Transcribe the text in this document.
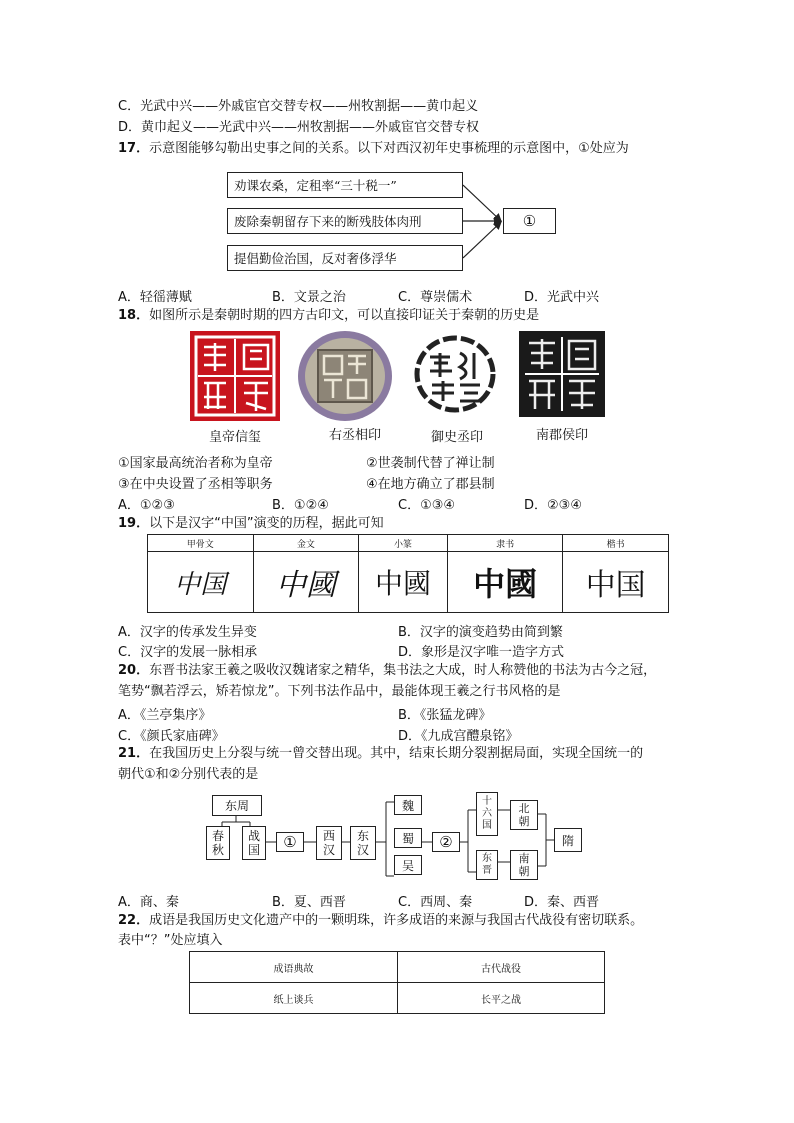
C．光武中兴——外戚宦官交替专权——州牧割据——黄巾起义
D．黄巾起义——光武中兴——州牧割据——外戚宦官交替专权
17．示意图能够勾勒出史事之间的关系。以下对西汉初年史事梳理的示意图中，①处应为
劝课农桑，定租率“三十税一”
废除秦朝留存下来的断残肢体肉刑
提倡勤俭治国，反对奢侈浮华
①
A．轻徭薄赋	B．文景之治	C．尊崇儒术	D．光武中兴
18．如图所示是秦朝时期的四方古印文，可以直接印证关于秦朝的历史是
皇帝信玺	右丞相印	御史丞印	南郡侯印
①国家最高统治者称为皇帝	②世袭制代替了禅让制
③在中央设置了丞相等职务	④在地方确立了郡县制
A．①②③	B．①②④	C．①③④	D．②③④
19．以下是汉字“中国”演变的历程，据此可知
甲骨文	金文	小篆	隶书	楷书
中国	中國	中國	中國	中国
A．汉字的传承发生异变	B．汉字的演变趋势由简到繁
C．汉字的发展一脉相承	D．象形是汉字唯一造字方式
20．东晋书法家王羲之吸收汉魏诸家之精华，集书法之大成，时人称赞他的书法为古今之冠，
笔势“飘若浮云，矫若惊龙”。下列书法作品中，最能体现王羲之行书风格的是
A．《兰亭集序》	B．《张猛龙碑》
C．《颜氏家庙碑》	D．《九成宫醴泉铭》
21．在我国历史上分裂与统一曾交替出现。其中，结束长期分裂割据局面，实现全国统一的
朝代①和②分别代表的是
东周
春秋
战国	①	西汉
东汉
魏
蜀
吴
②
十六国
北朝
东晋
南朝
隋
A．商、秦	B．夏、西晋	C．西周、秦	D．秦、西晋
22．成语是我国历史文化遗产中的一颗明珠，许多成语的来源与我国古代战役有密切联系。
表中“？”处应填入
成语典故	古代战役
纸上谈兵	长平之战
